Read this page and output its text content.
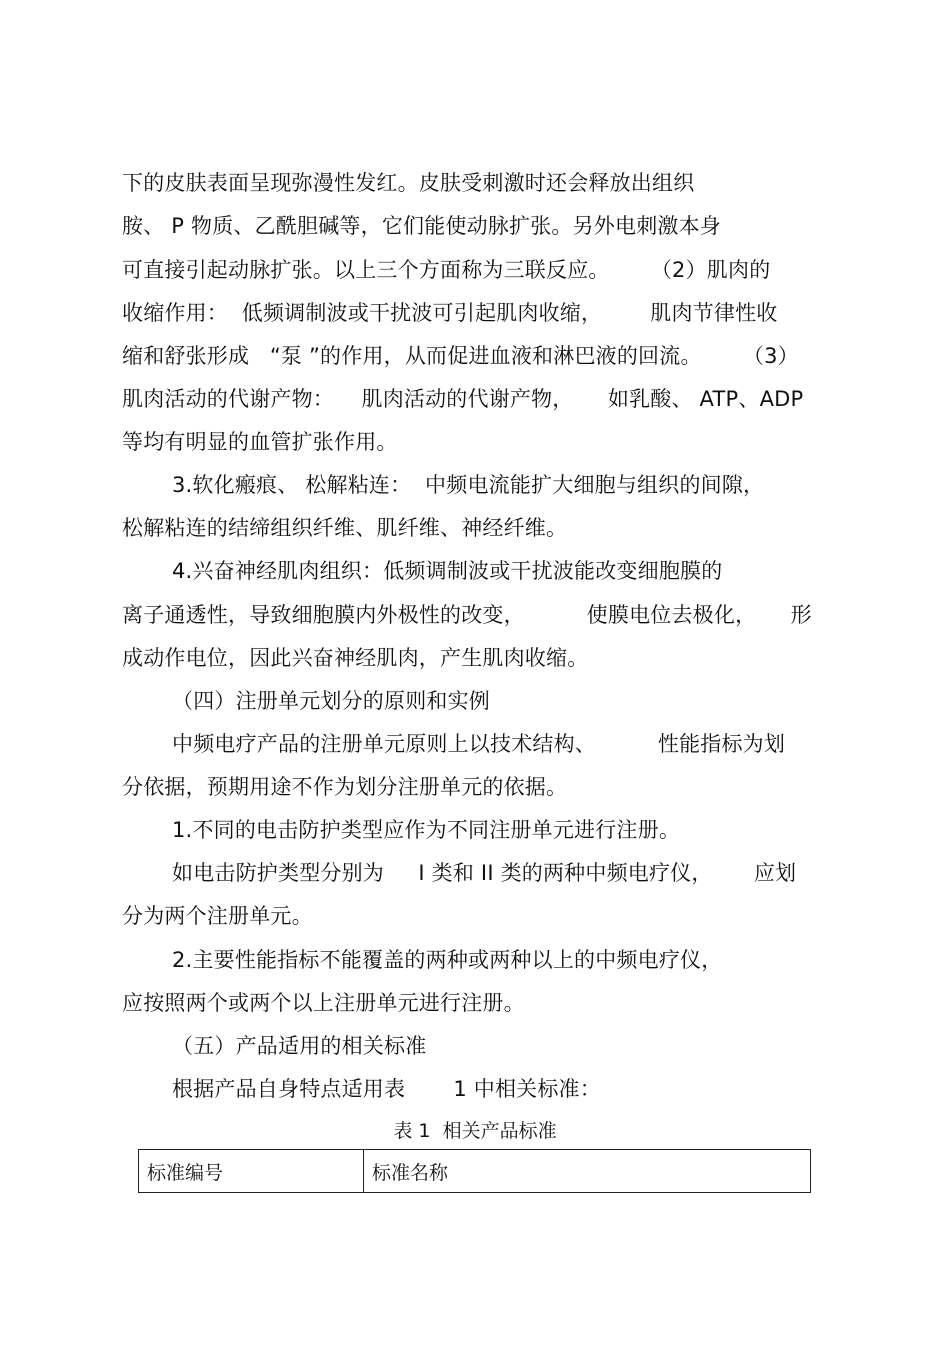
下的皮肤表面呈现弥漫性发红。皮肤受刺激时还会释放出组织
胺、 P 物质、乙酰胆碱等，它们能使动脉扩张。另外电刺激本身
可直接引起动脉扩张。以上三个方面称为三联反应。      （2）肌肉的
收缩作用：  低频调制波或干扰波可引起肌肉收缩，       肌肉节律性收
缩和舒张形成   “泵 ”的作用，从而促进血液和淋巴液的回流。      （3）
肌肉活动的代谢产物：    肌肉活动的代谢产物，     如乳酸、 ATP、ADP
等均有明显的血管扩张作用。
3.软化瘢痕、 松解粘连：  中频电流能扩大细胞与组织的间隙，
松解粘连的结缔组织纤维、肌纤维、神经纤维。
4.兴奋神经肌肉组织：低频调制波或干扰波能改变细胞膜的
离子通透性，导致细胞膜内外极性的改变，         使膜电位去极化，     形
成动作电位，因此兴奋神经肌肉，产生肌肉收缩。
（四）注册单元划分的原则和实例
中频电疗产品的注册单元原则上以技术结构、         性能指标为划
分依据，预期用途不作为划分注册单元的依据。
1.不同的电击防护类型应作为不同注册单元进行注册。
如电击防护类型分别为     I 类和 II 类的两种中频电疗仪，      应划
分为两个注册单元。
2.主要性能指标不能覆盖的两种或两种以上的中频电疗仪，
应按照两个或两个以上注册单元进行注册。
（五）产品适用的相关标准
根据产品自身特点适用表       1 中相关标准：
表 1  相关产品标准
标准编号	标准名称
